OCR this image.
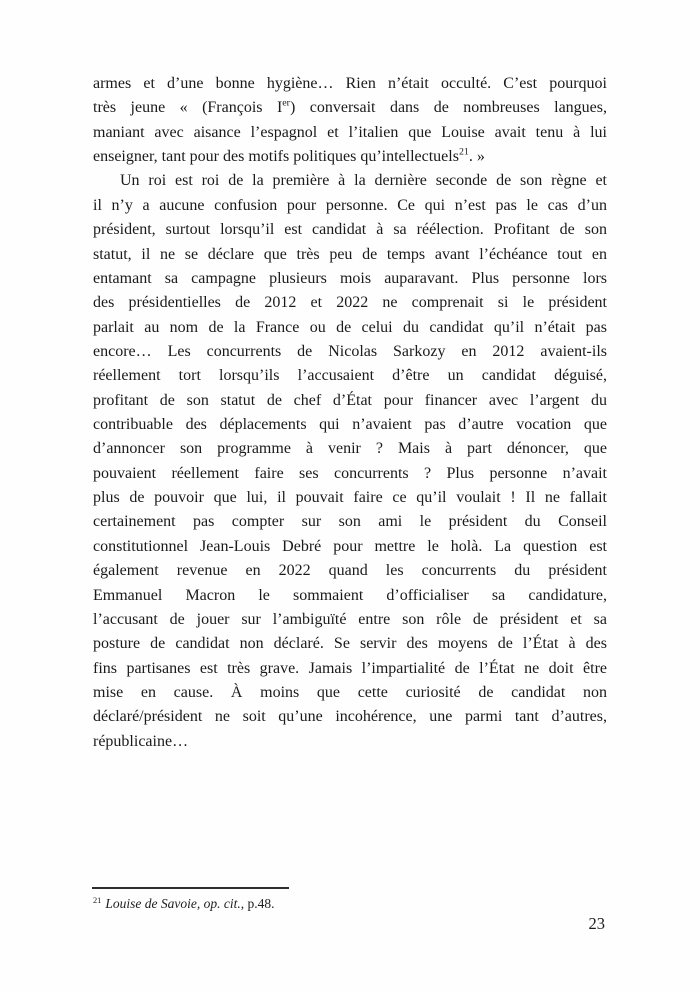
armes et d’une bonne hygiène… Rien n’était occulté. C’est pourquoi
très jeune « (François Ier) conversait dans de nombreuses langues,
maniant avec aisance l’espagnol et l’italien que Louise avait tenu à lui
enseigner, tant pour des motifs politiques qu’intellectuels$^{21}$. »
Un roi est roi de la première à la dernière seconde de son règne et
il n’y a aucune confusion pour personne. Ce qui n’est pas le cas d’un
président, surtout lorsqu’il est candidat à sa réélection. Profitant de son
statut, il ne se déclare que très peu de temps avant l’échéance tout en
entamant sa campagne plusieurs mois auparavant. Plus personne lors
des présidentielles de 2012 et 2022 ne comprenait si le président
parlait au nom de la France ou de celui du candidat qu’il n’était pas
encore… Les concurrents de Nicolas Sarkozy en 2012 avaient-ils
réellement tort lorsqu’ils l’accusaient d’être un candidat déguisé,
profitant de son statut de chef d’État pour financer avec l’argent du
contribuable des déplacements qui n’avaient pas d’autre vocation que
d’annoncer son programme à venir ? Mais à part dénoncer, que
pouvaient réellement faire ses concurrents ? Plus personne n’avait
plus de pouvoir que lui, il pouvait faire ce qu’il voulait ! Il ne fallait
certainement pas compter sur son ami le président du Conseil
constitutionnel Jean-Louis Debré pour mettre le holà. La question est
également revenue en 2022 quand les concurrents du président
Emmanuel Macron le sommaient d’officialiser sa candidature,
l’accusant de jouer sur l’ambiguïté entre son rôle de président et sa
posture de candidat non déclaré. Se servir des moyens de l’État à des
fins partisanes est très grave. Jamais l’impartialité de l’État ne doit être
mise en cause. À moins que cette curiosité de candidat non
déclaré/président ne soit qu’une incohérence, une parmi tant d’autres,
républicaine…
$^{21}$ Louise de Savoie, op. cit., p.48.
23
